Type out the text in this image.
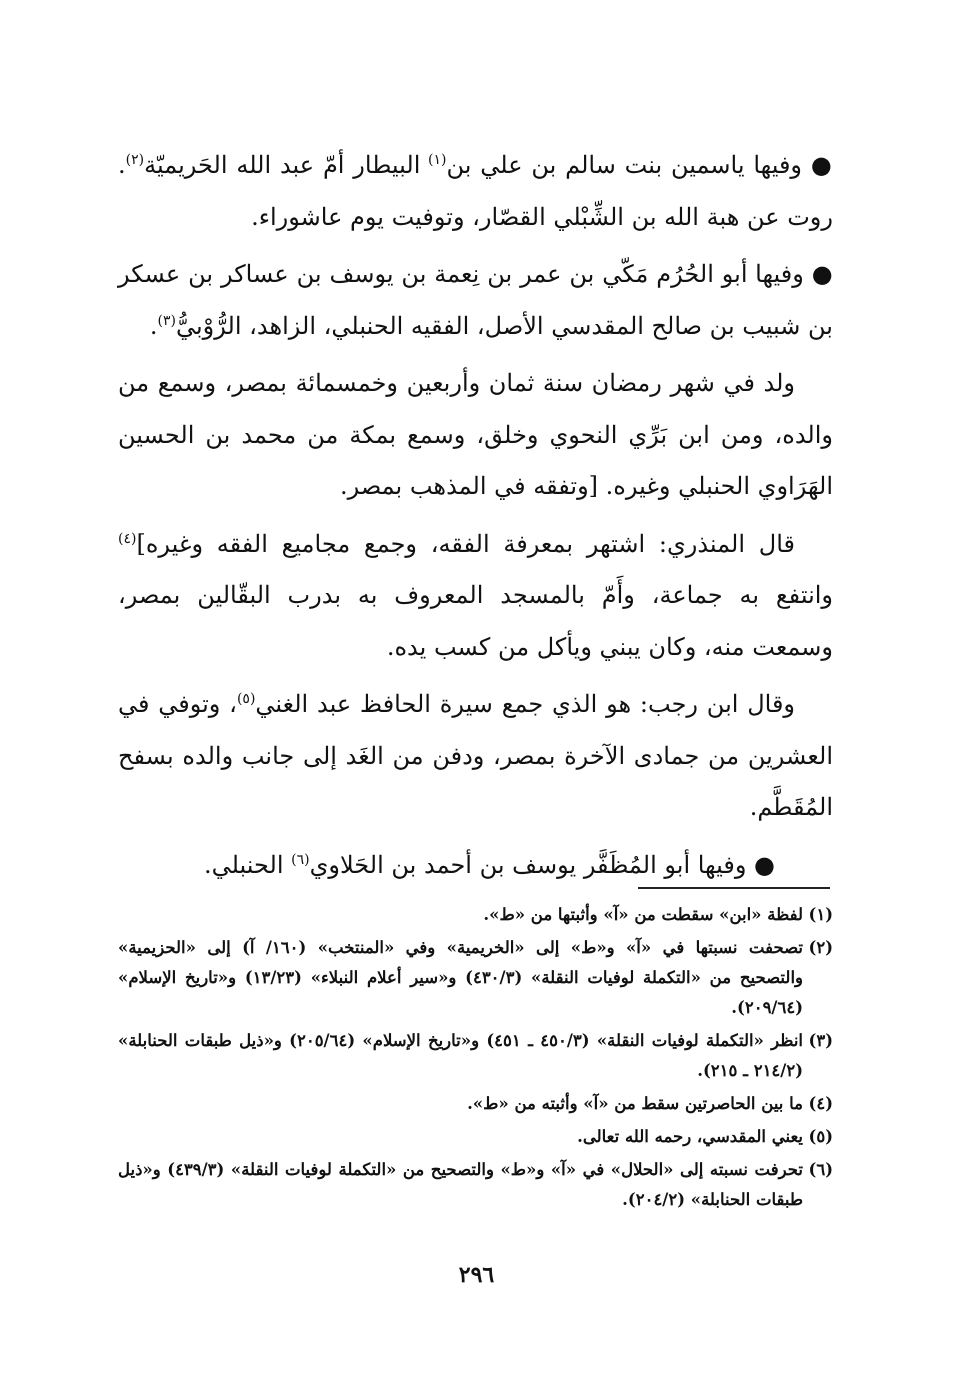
● وفيها ياسمين بنت سالم بن علي بن$^{(١)}$ البيطار أمّ عبد الله الحَريميّة$^{(٢)}$. روت عن هبة الله بن الشِّبْلي القصّار، وتوفيت يوم عاشوراء.

● وفيها أبو الحُرُم مَكّي بن عمر بن نِعمة بن يوسف بن عساكر بن عسكر بن شبيب بن صالح المقدسي الأصل، الفقيه الحنبلي، الزاهد، الرُّوْبيُّ$^{(٣)}$.

ولد في شهر رمضان سنة ثمان وأربعين وخمسمائة بمصر، وسمع من والده، ومن ابن بَرِّي النحوي وخلق، وسمع بمكة من محمد بن الحسين الهَرَاوي الحنبلي وغيره. [وتفقه في المذهب بمصر.

قال المنذري: اشتهر بمعرفة الفقه، وجمع مجاميع الفقه وغيره]$^{(٤)}$ وانتفع به جماعة، وأَمّ بالمسجد المعروف به بدرب البقّالين بمصر، وسمعت منه، وكان يبني ويأكل من كسب يده.

وقال ابن رجب: هو الذي جمع سيرة الحافظ عبد الغني$^{(٥)}$، وتوفي في العشرين من جمادى الآخرة بمصر، ودفن من الغَد إلى جانب والده بسفح المُقَطَّم.

● وفيها أبو المُظَفَّر يوسف بن أحمد بن الحَلاوي$^{(٦)}$ الحنبلي.

(١)
لفظة «ابن» سقطت من «آ» وأثبتها من «ط».
(٢)
تصحفت نسبتها في «آ» و«ط» إلى «الخريمية» وفي «المنتخب» (١٦٠/ آ) إلى «الحزيمية» والتصحيح من «التكملة لوفيات النقلة» (٤٣٠/٣) و«سير أعلام النبلاء» (١٣/٢٣) و«تاريخ الإسلام» (٢٠٩/٦٤).
(٣)
انظر «التكملة لوفيات النقلة» (٤٥٠/٣ ـ ٤٥١) و«تاريخ الإسلام» (٢٠٥/٦٤) و«ذيل طبقات الحنابلة» (٢١٤/٢ ـ ٢١٥).
(٤)
ما بين الحاصرتين سقط من «آ» وأثبته من «ط».
(٥)
يعني المقدسي، رحمه الله تعالى.
(٦)
تحرفت نسبته إلى «الحلال» في «آ» و«ط» والتصحيح من «التكملة لوفيات النقلة» (٤٣٩/٣) و«ذيل طبقات الحنابلة» (٢٠٤/٢).
٢٩٦
